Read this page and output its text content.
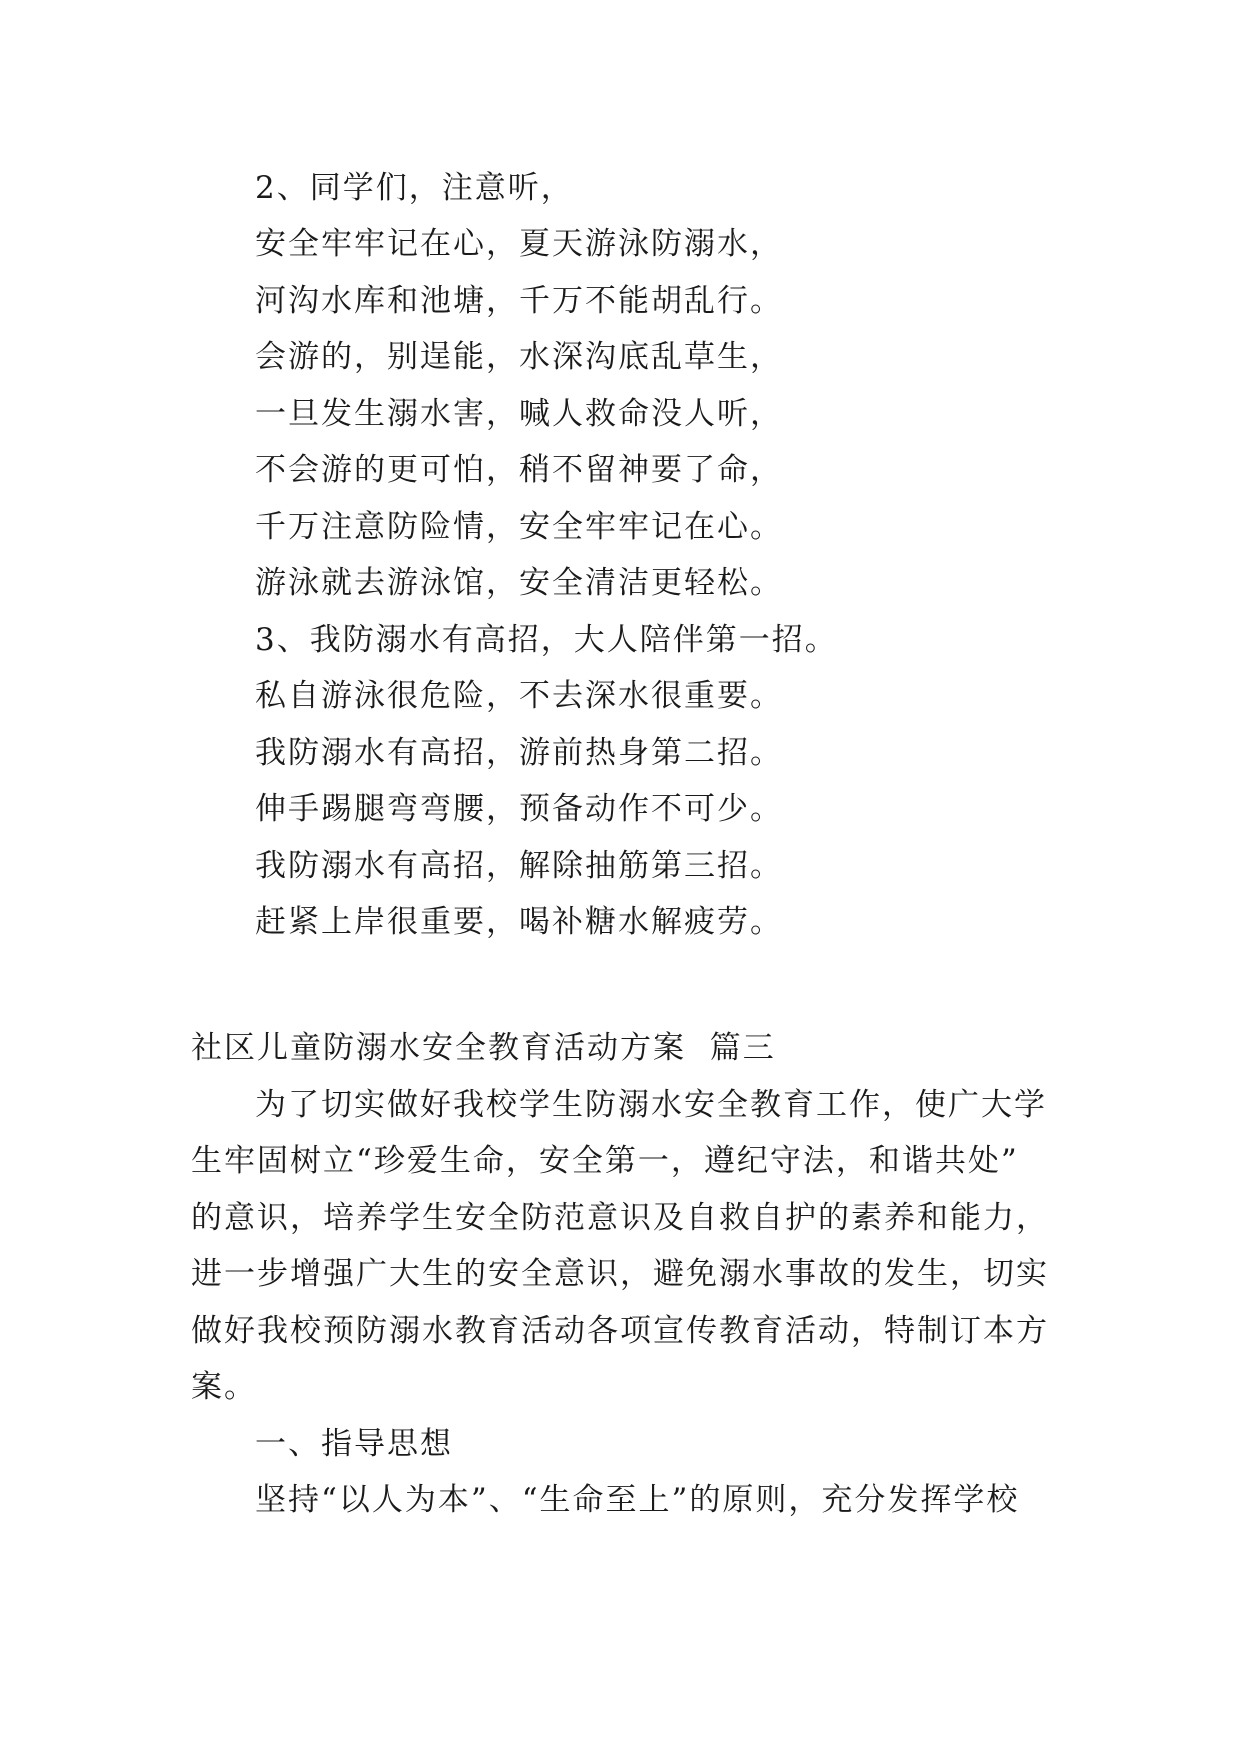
2、同学们，注意听，
安全牢牢记在心，夏天游泳防溺水，
河沟水库和池塘，千万不能胡乱行。
会游的，别逞能，水深沟底乱草生，
一旦发生溺水害，喊人救命没人听，
不会游的更可怕，稍不留神要了命，
千万注意防险情，安全牢牢记在心。
游泳就去游泳馆，安全清洁更轻松。
3、我防溺水有高招，大人陪伴第一招。
私自游泳很危险，不去深水很重要。
我防溺水有高招，游前热身第二招。
伸手踢腿弯弯腰，预备动作不可少。
我防溺水有高招，解除抽筋第三招。
赶紧上岸很重要，喝补糖水解疲劳。
社区儿童防溺水安全教育活动方案  篇三
为了切实做好我校学生防溺水安全教育工作，使广大学
生牢固树立“珍爱生命，安全第一，遵纪守法，和谐共处”
的意识，培养学生安全防范意识及自救自护的素养和能力，
进一步增强广大生的安全意识，避免溺水事故的发生，切实
做好我校预防溺水教育活动各项宣传教育活动，特制订本方
案。
一、指导思想
坚持“以人为本”、“生命至上”的原则，充分发挥学校
